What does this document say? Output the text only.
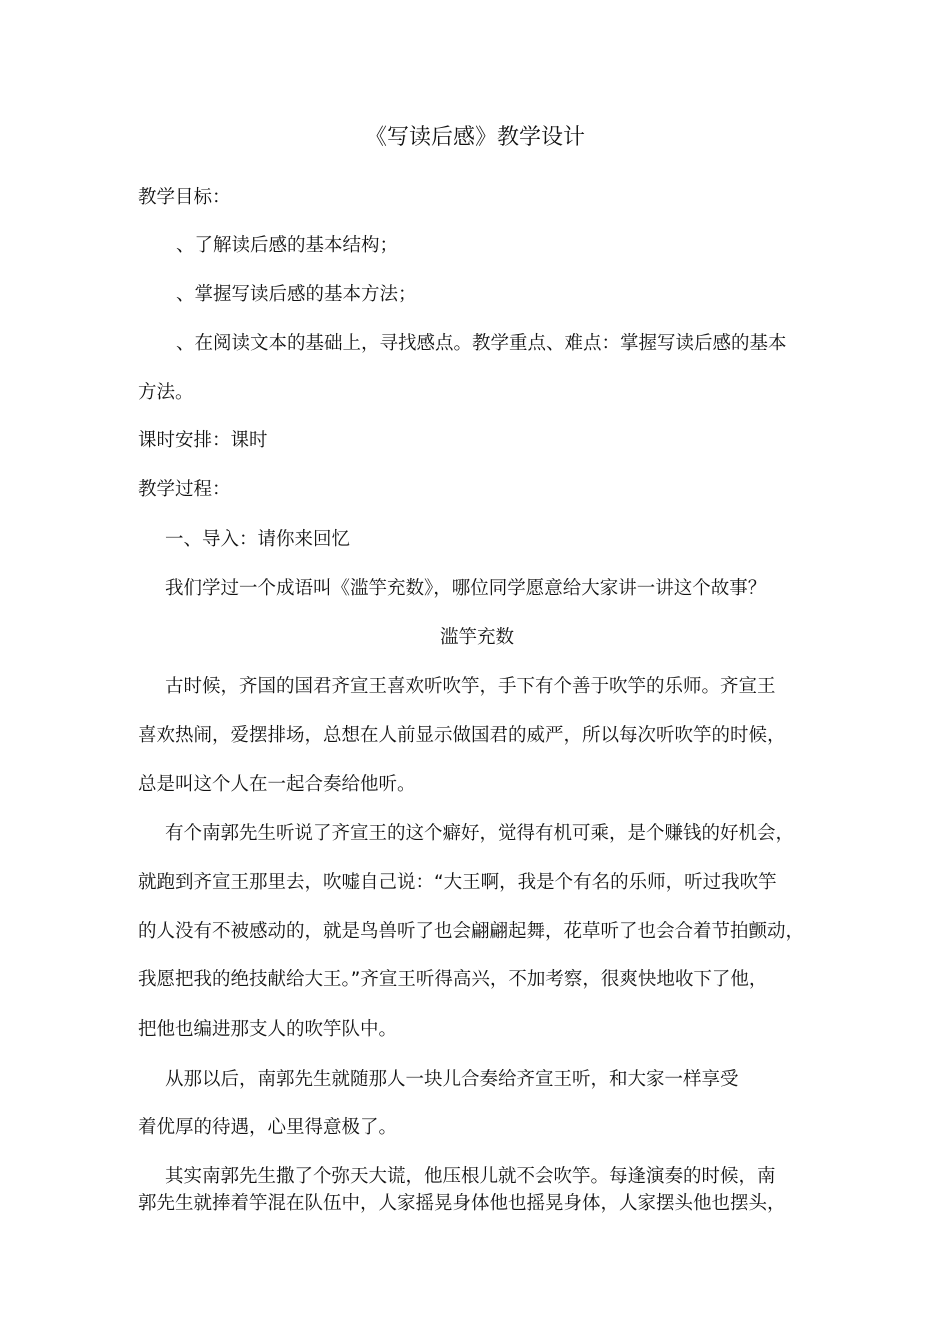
《写读后感》教学设计
教学目标：
、了解读后感的基本结构；
、掌握写读后感的基本方法；
、在阅读文本的基础上，寻找感点。教学重点、难点：掌握写读后感的基本
方法。
课时安排：课时
教学过程：
一、导入：请你来回忆
我们学过一个成语叫《滥竽充数》，哪位同学愿意给大家讲一讲这个故事？
滥竽充数
古时候，齐国的国君齐宣王喜欢听吹竽，手下有个善于吹竽的乐师。齐宣王
喜欢热闹，爱摆排场，总想在人前显示做国君的威严，所以每次听吹竽的时候，
总是叫这个人在一起合奏给他听。
有个南郭先生听说了齐宣王的这个癖好，觉得有机可乘，是个赚钱的好机会，
就跑到齐宣王那里去，吹嘘自己说：“大王啊，我是个有名的乐师，听过我吹竽
的人没有不被感动的，就是鸟兽听了也会翩翩起舞，花草听了也会合着节拍颤动，
我愿把我的绝技献给大王。”齐宣王听得高兴，不加考察，很爽快地收下了他，
把他也编进那支人的吹竽队中。
从那以后，南郭先生就随那人一块儿合奏给齐宣王听，和大家一样享受
着优厚的待遇，心里得意极了。
其实南郭先生撒了个弥天大谎，他压根儿就不会吹竽。每逢演奏的时候，南
郭先生就捧着竽混在队伍中，人家摇晃身体他也摇晃身体，人家摆头他也摆头，
